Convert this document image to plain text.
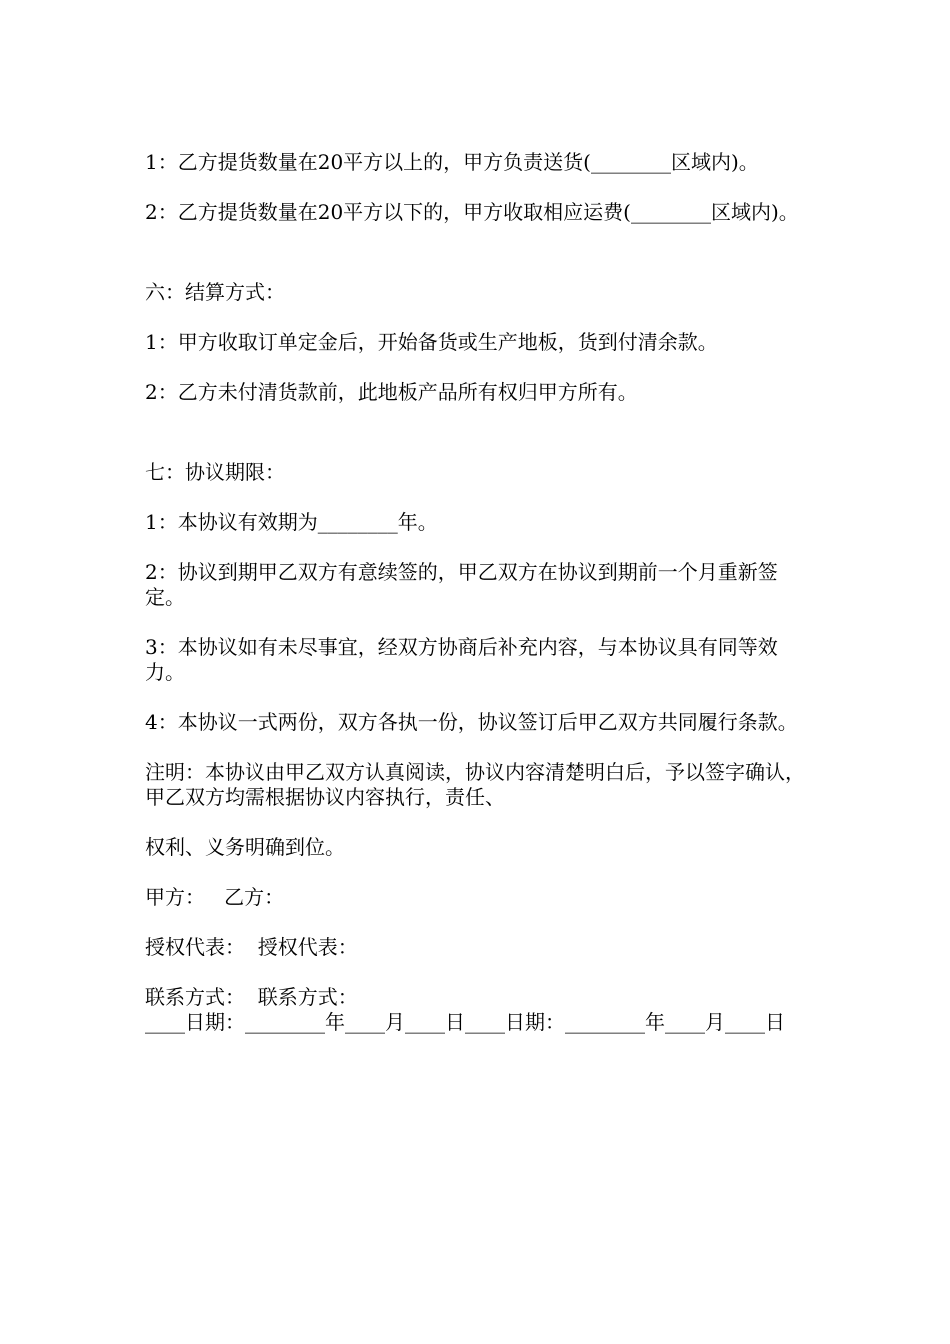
1：乙方提货数量在20平方以上的，甲方负责送货(________区域内)。

2：乙方提货数量在20平方以下的，甲方收取相应运费(________区域内)。

六：结算方式：

1：甲方收取订单定金后，开始备货或生产地板，货到付清余款。

2：乙方未付清货款前，此地板产品所有权归甲方所有。

七：协议期限：

1：本协议有效期为________年。

2：协议到期甲乙双方有意续签的，甲乙双方在协议到期前一个月重新签定。

3：本协议如有未尽事宜，经双方协商后补充内容，与本协议具有同等效力。

4：本协议一式两份，双方各执一份，协议签订后甲乙双方共同履行条款。

注明：本协议由甲乙双方认真阅读，协议内容清楚明白后，予以签字确认，甲乙双方均需根据协议内容执行，责任、

权利、义务明确到位。

甲方：   乙方：

授权代表：  授权代表：

联系方式：  联系方式：

____日期：________年____月____日____日期：________年____月____日
